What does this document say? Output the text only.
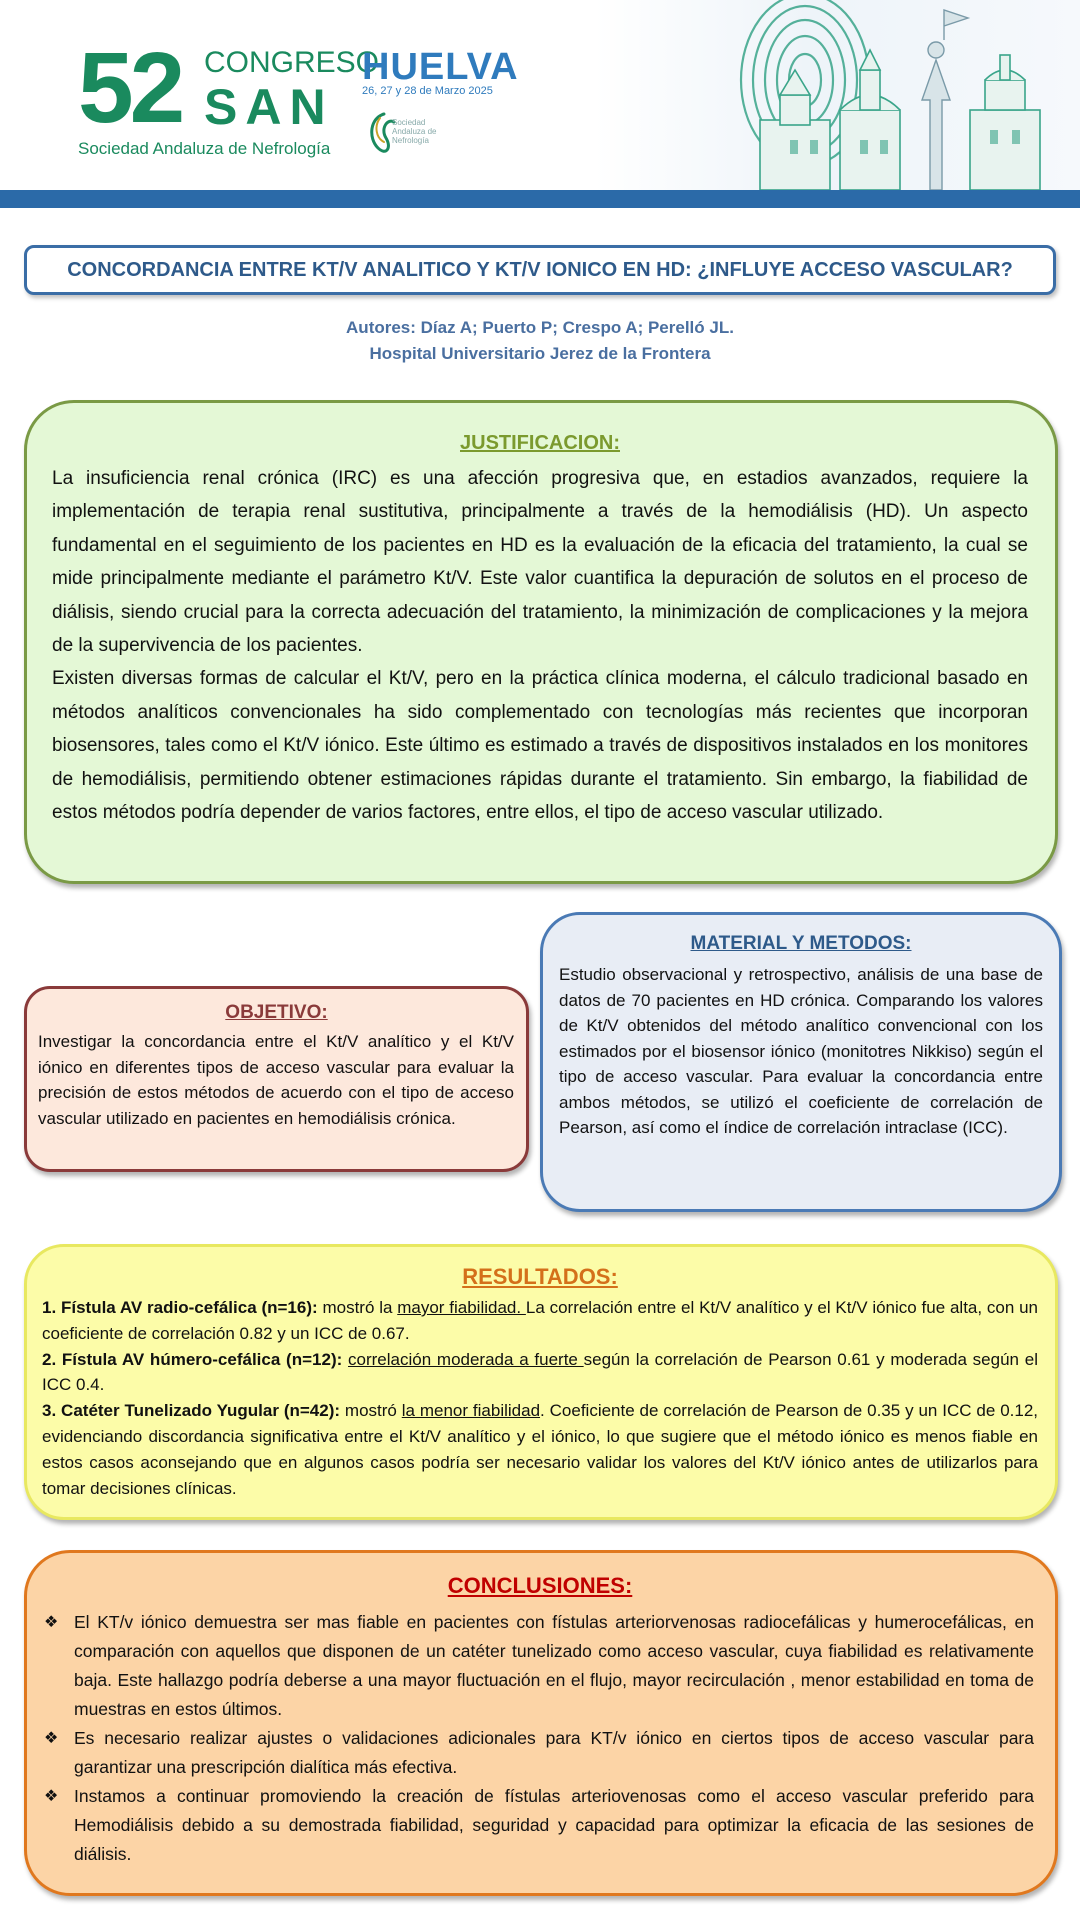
52 CONGRESO
SAN
Sociedad Andaluza de Nefrología
HUELVA
26, 27 y 28 de Marzo 2025
Sociedad
Andaluza de
Nefrología
CONCORDANCIA ENTRE KT/V ANALITICO Y KT/V IONICO EN HD: ¿INFLUYE ACCESO VASCULAR?
Autores: Díaz A; Puerto P; Crespo A; Perelló JL.
Hospital Universitario Jerez de la Frontera
JUSTIFICACION:

La insuficiencia renal crónica (IRC) es una afección progresiva que, en estadios avanzados, requiere la implementación de terapia renal sustitutiva, principalmente a través de la hemodiálisis (HD). Un aspecto fundamental en el seguimiento de los pacientes en HD es la evaluación de la eficacia del tratamiento, la cual se mide principalmente mediante el parámetro Kt/V. Este valor cuantifica la depuración de solutos en el proceso de diálisis, siendo crucial para la correcta adecuación del tratamiento, la minimización de complicaciones y la mejora de la supervivencia de los pacientes.

Existen diversas formas de calcular el Kt/V, pero en la práctica clínica moderna, el cálculo tradicional basado en métodos analíticos convencionales ha sido complementado con tecnologías más recientes que incorporan biosensores, tales como el Kt/V iónico. Este último es estimado a través de dispositivos instalados en los monitores de hemodiálisis, permitiendo obtener estimaciones rápidas durante el tratamiento. Sin embargo, la fiabilidad de estos métodos podría depender de varios factores, entre ellos, el tipo de acceso vascular utilizado.

MATERIAL Y METODOS:
Estudio observacional y retrospectivo, análisis de una base de datos de 70 pacientes en HD crónica. Comparando los valores de Kt/V obtenidos del método analítico convencional con los estimados por el biosensor iónico (monitotres Nikkiso) según el tipo de acceso vascular. Para evaluar la concordancia entre ambos métodos, se utilizó el coeficiente de correlación de Pearson, así como el índice de correlación intraclase (ICC).
OBJETIVO:
Investigar la concordancia entre el Kt/V analítico y el Kt/V iónico en diferentes tipos de acceso vascular para evaluar la precisión de estos métodos de acuerdo con el tipo de acceso vascular utilizado en pacientes en hemodiálisis crónica.
RESULTADOS:

1. Fístula AV radio-cefálica (n=16): mostró la mayor fiabilidad. La correlación entre el Kt/V analítico y el Kt/V iónico fue alta, con un coeficiente de correlación 0.82 y un ICC de 0.67.

2. Fístula AV húmero-cefálica (n=12): correlación moderada a fuerte según la correlación de Pearson 0.61 y moderada según el ICC 0.4.

3. Catéter Tunelizado Yugular (n=42): mostró la menor fiabilidad. Coeficiente de correlación de Pearson de 0.35 y un ICC de 0.12, evidenciando discordancia significativa entre el Kt/V analítico y el iónico, lo que sugiere que el método iónico es menos fiable en estos casos aconsejando que en algunos casos podría ser necesario validar los valores del Kt/V iónico antes de utilizarlos para tomar decisiones clínicas.

CONCLUSIONES:
❖ El KT/v iónico demuestra ser mas fiable en pacientes con fístulas arteriorvenosas radiocefálicas y humerocefálicas, en comparación con aquellos que disponen de un catéter tunelizado como acceso vascular, cuya fiabilidad es relativamente baja. Este hallazgo podría deberse a una mayor fluctuación en el flujo, mayor recirculación , menor estabilidad en toma de muestras en estos últimos.
❖ Es necesario realizar ajustes o validaciones adicionales para KT/v iónico en ciertos tipos de acceso vascular para garantizar una prescripción dialítica más efectiva.
❖ Instamos a continuar promoviendo la creación de fístulas arteriovenosas como el acceso vascular preferido para Hemodiálisis debido a su demostrada fiabilidad, seguridad y capacidad para optimizar la eficacia de las sesiones de diálisis.
